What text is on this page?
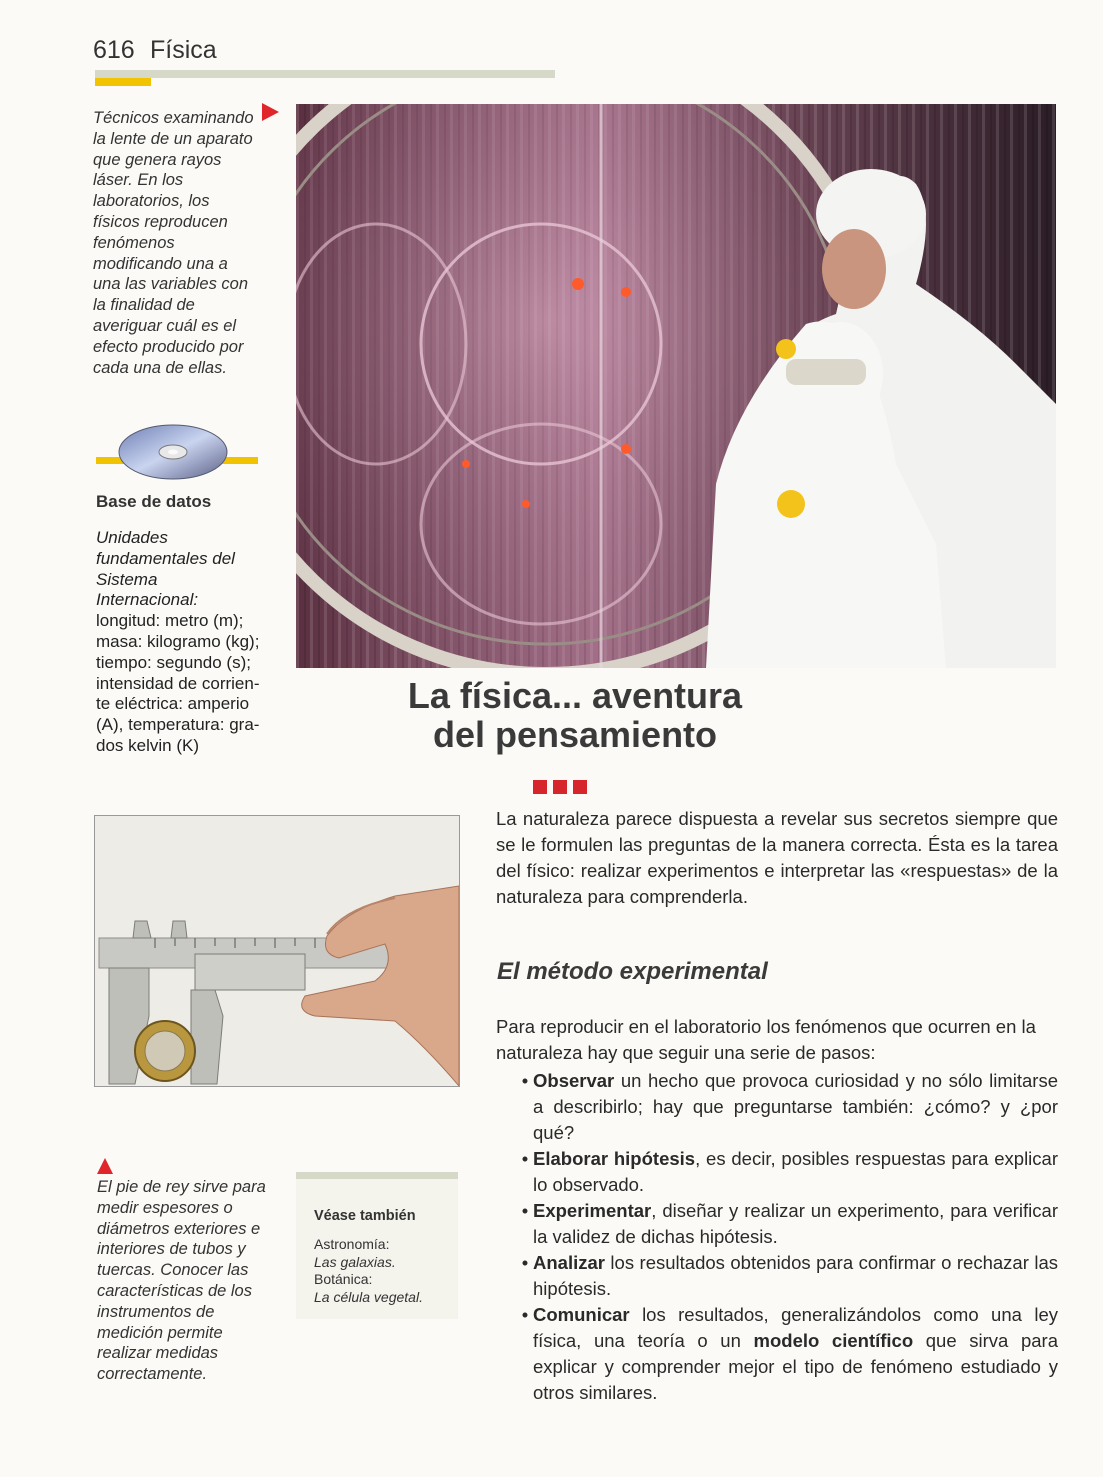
616 Física
Técnicos examinando la lente de un aparato que genera rayos láser. En los laboratorios, los físicos reproducen fenómenos modificando una a una las variables con la finalidad de averiguar cuál es el efecto producido por cada una de ellas.
Base de datos
Unidades
fundamentales del
Sistema
Internacional:
longitud: metro (m);
masa: kilogramo (kg);
tiempo: segundo (s);
intensidad de corrien-
te eléctrica: amperio
(A), temperatura: gra-
dos kelvin (K)
La física... aventura
del pensamiento
La naturaleza parece dispuesta a revelar sus secretos siempre que se le formulen las preguntas de la manera correcta. Ésta es la tarea del físico: realizar experimentos e interpretar las «respuestas» de la naturaleza para comprenderla.
El método experimental
Para reproducir en el laboratorio los fenómenos que ocurren en la naturaleza hay que seguir una serie de pasos:
• Observar un hecho que provoca curiosidad y no sólo limitarse a describirlo; hay que preguntarse también: ¿cómo? y ¿por qué?
• Elaborar hipótesis, es decir, posibles respuestas para explicar lo observado.
• Experimentar, diseñar y realizar un experimento, para verificar la validez de dichas hipótesis.
• Analizar los resultados obtenidos para confirmar o rechazar las hipótesis.
• Comunicar los resultados, generalizándolos como una ley física, una teoría o un modelo científico que sirva para explicar y comprender mejor el tipo de fenómeno estudiado y otros similares.
El pie de rey sirve para medir espesores o diámetros exteriores e interiores de tubos y tuercas. Conocer las características de los instrumentos de medición permite realizar medidas correctamente.
Véase también
Astronomía:
Las galaxias.
Botánica:
La célula vegetal.
